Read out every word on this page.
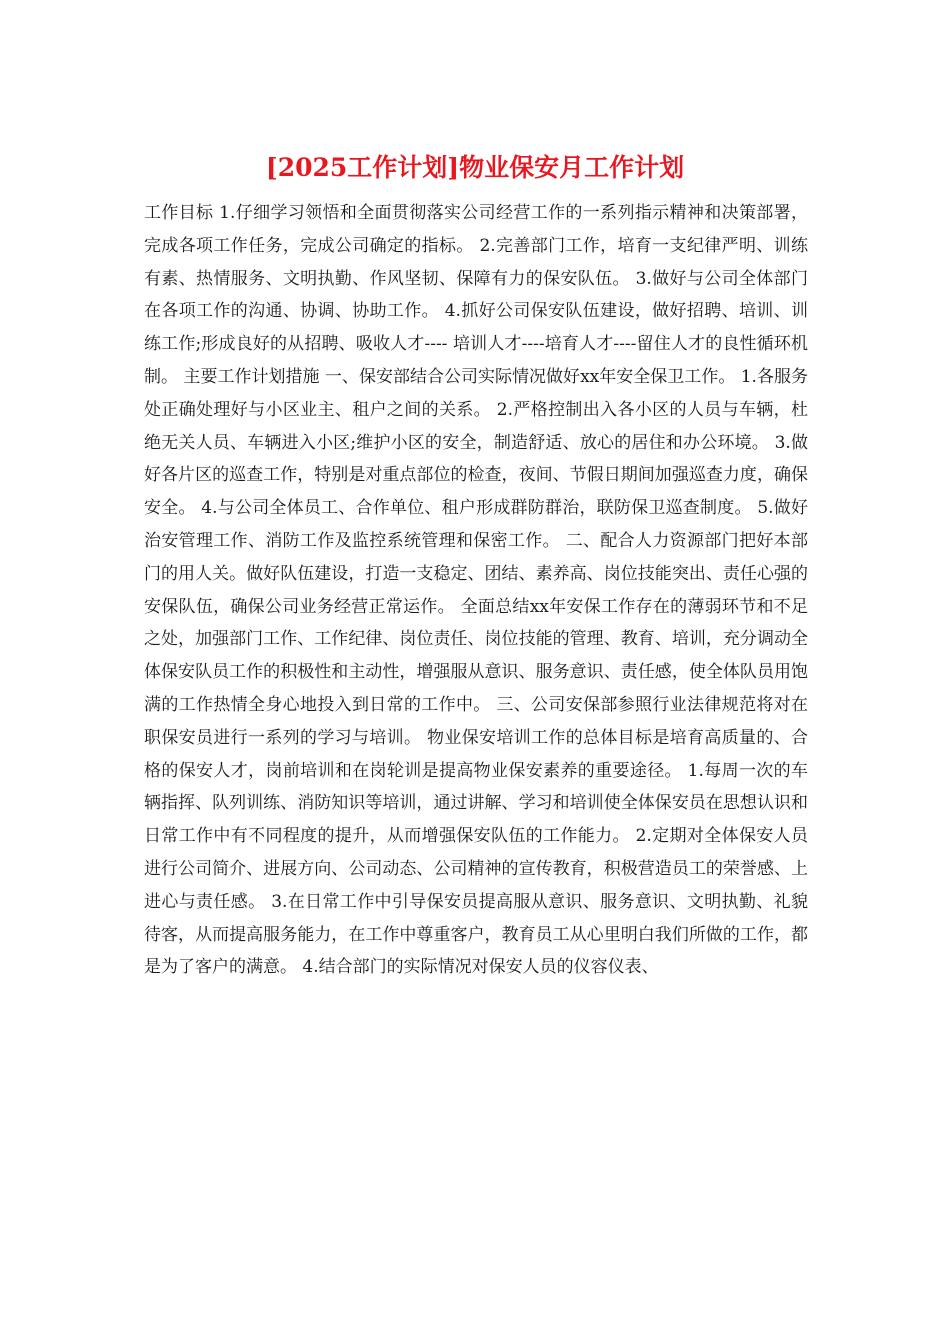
[2025工作计划]物业保安月工作计划

工作目标 1.仔细学习领悟和全面贯彻落实公司经营工作的一系列指示精神和决策部署，完成各项工作任务，完成公司确定的指标。 2.完善部门工作，培育一支纪律严明、训练有素、热情服务、文明执勤、作风坚韧、保障有力的保安队伍。 3.做好与公司全体部门在各项工作的沟通、协调、协助工作。 4.抓好公司保安队伍建设，做好招聘、培训、训练工作;形成良好的从招聘、吸收人才---- 培训人才----培育人才----留住人才的良性循环机制。 主要工作计划措施 一、保安部结合公司实际情况做好xx年安全保卫工作。 1.各服务处正确处理好与小区业主、租户之间的关系。 2.严格控制出入各小区的人员与车辆，杜绝无关人员、车辆进入小区;维护小区的安全，制造舒适、放心的居住和办公环境。 3.做好各片区的巡查工作，特别是对重点部位的检查，夜间、节假日期间加强巡查力度，确保安全。 4.与公司全体员工、合作单位、租户形成群防群治，联防保卫巡查制度。 5.做好治安管理工作、消防工作及监控系统管理和保密工作。 二、配合人力资源部门把好本部门的用人关。做好队伍建设，打造一支稳定、团结、素养高、岗位技能突出、责任心强的安保队伍，确保公司业务经营正常运作。 全面总结xx年安保工作存在的薄弱环节和不足之处，加强部门工作、工作纪律、岗位责任、岗位技能的管理、教育、培训，充分调动全体保安队员工作的积极性和主动性，增强服从意识、服务意识、责任感，使全体队员用饱满的工作热情全身心地投入到日常的工作中。 三、公司安保部参照行业法律规范将对在职保安员进行一系列的学习与培训。 物业保安培训工作的总体目标是培育高质量的、合格的保安人才，岗前培训和在岗轮训是提高物业保安素养的重要途径。 1.每周一次的车辆指挥、队列训练、消防知识等培训，通过讲解、学习和培训使全体保安员在思想认识和日常工作中有不同程度的提升，从而增强保安队伍的工作能力。 2.定期对全体保安人员进行公司简介、进展方向、公司动态、公司精神的宣传教育，积极营造员工的荣誉感、上进心与责任感。 3.在日常工作中引导保安员提高服从意识、服务意识、文明执勤、礼貌待客，从而提高服务能力，在工作中尊重客户，教育员工从心里明白我们所做的工作，都是为了客户的满意。 4.结合部门的实际情况对保安人员的仪容仪表、
